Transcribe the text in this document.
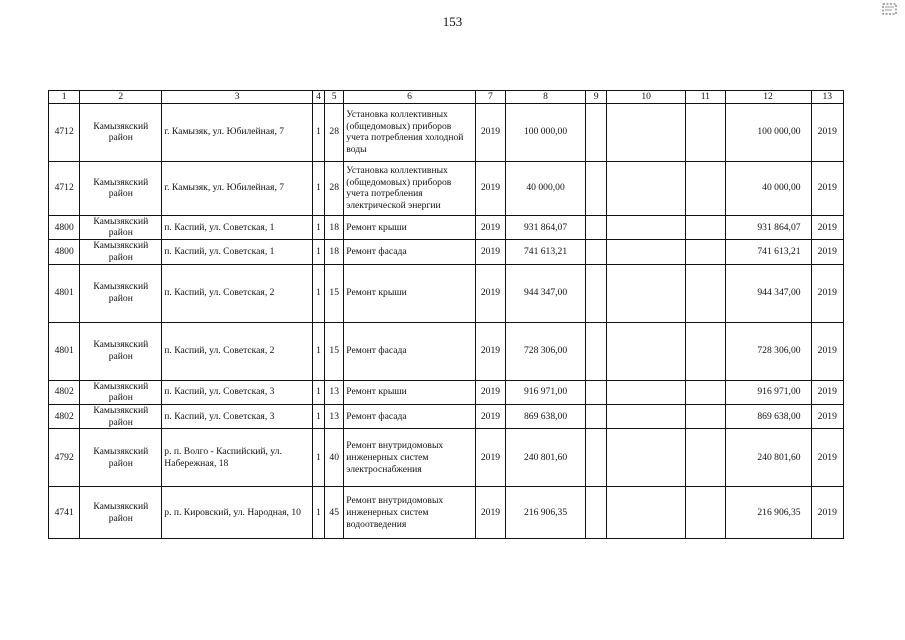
153
1	2	3	4	5	6	7	8	9	10	11	12	13
4712	Камызякский район	г. Камызяк, ул. Юбилейная, 7	1	28	Установка коллективных (общедомовых) приборов учета потребления холодной воды	2019	100 000,00				100 000,00	2019
4712	Камызякский район	г. Камызяк, ул. Юбилейная, 7	1	28	Установка коллективных (общедомовых) приборов учета потребления электрической энергии	2019	40 000,00				40 000,00	2019
4800	Камызякский район	п. Каспий, ул. Советская, 1	1	18	Ремонт крыши	2019	931 864,07				931 864,07	2019
4800	Камызякский район	п. Каспий, ул. Советская, 1	1	18	Ремонт фасада	2019	741 613,21				741 613,21	2019
4801	Камызякский район	п. Каспий, ул. Советская, 2	1	15	Ремонт крыши	2019	944 347,00				944 347,00	2019
4801	Камызякский район	п. Каспий, ул. Советская, 2	1	15	Ремонт фасада	2019	728 306,00				728 306,00	2019
4802	Камызякский район	п. Каспий, ул. Советская, 3	1	13	Ремонт крыши	2019	916 971,00				916 971,00	2019
4802	Камызякский район	п. Каспий, ул. Советская, 3	1	13	Ремонт фасада	2019	869 638,00				869 638,00	2019
4792	Камызякский район	р. п. Волго - Каспийский, ул. Набережная, 18	1	40	Ремонт внутридомовых инженерных систем электроснабжения	2019	240 801,60				240 801,60	2019
4741	Камызякский район	р. п. Кировский, ул. Народная, 10	1	45	Ремонт внутридомовых инженерных систем водоотведения	2019	216 906,35				216 906,35	2019
